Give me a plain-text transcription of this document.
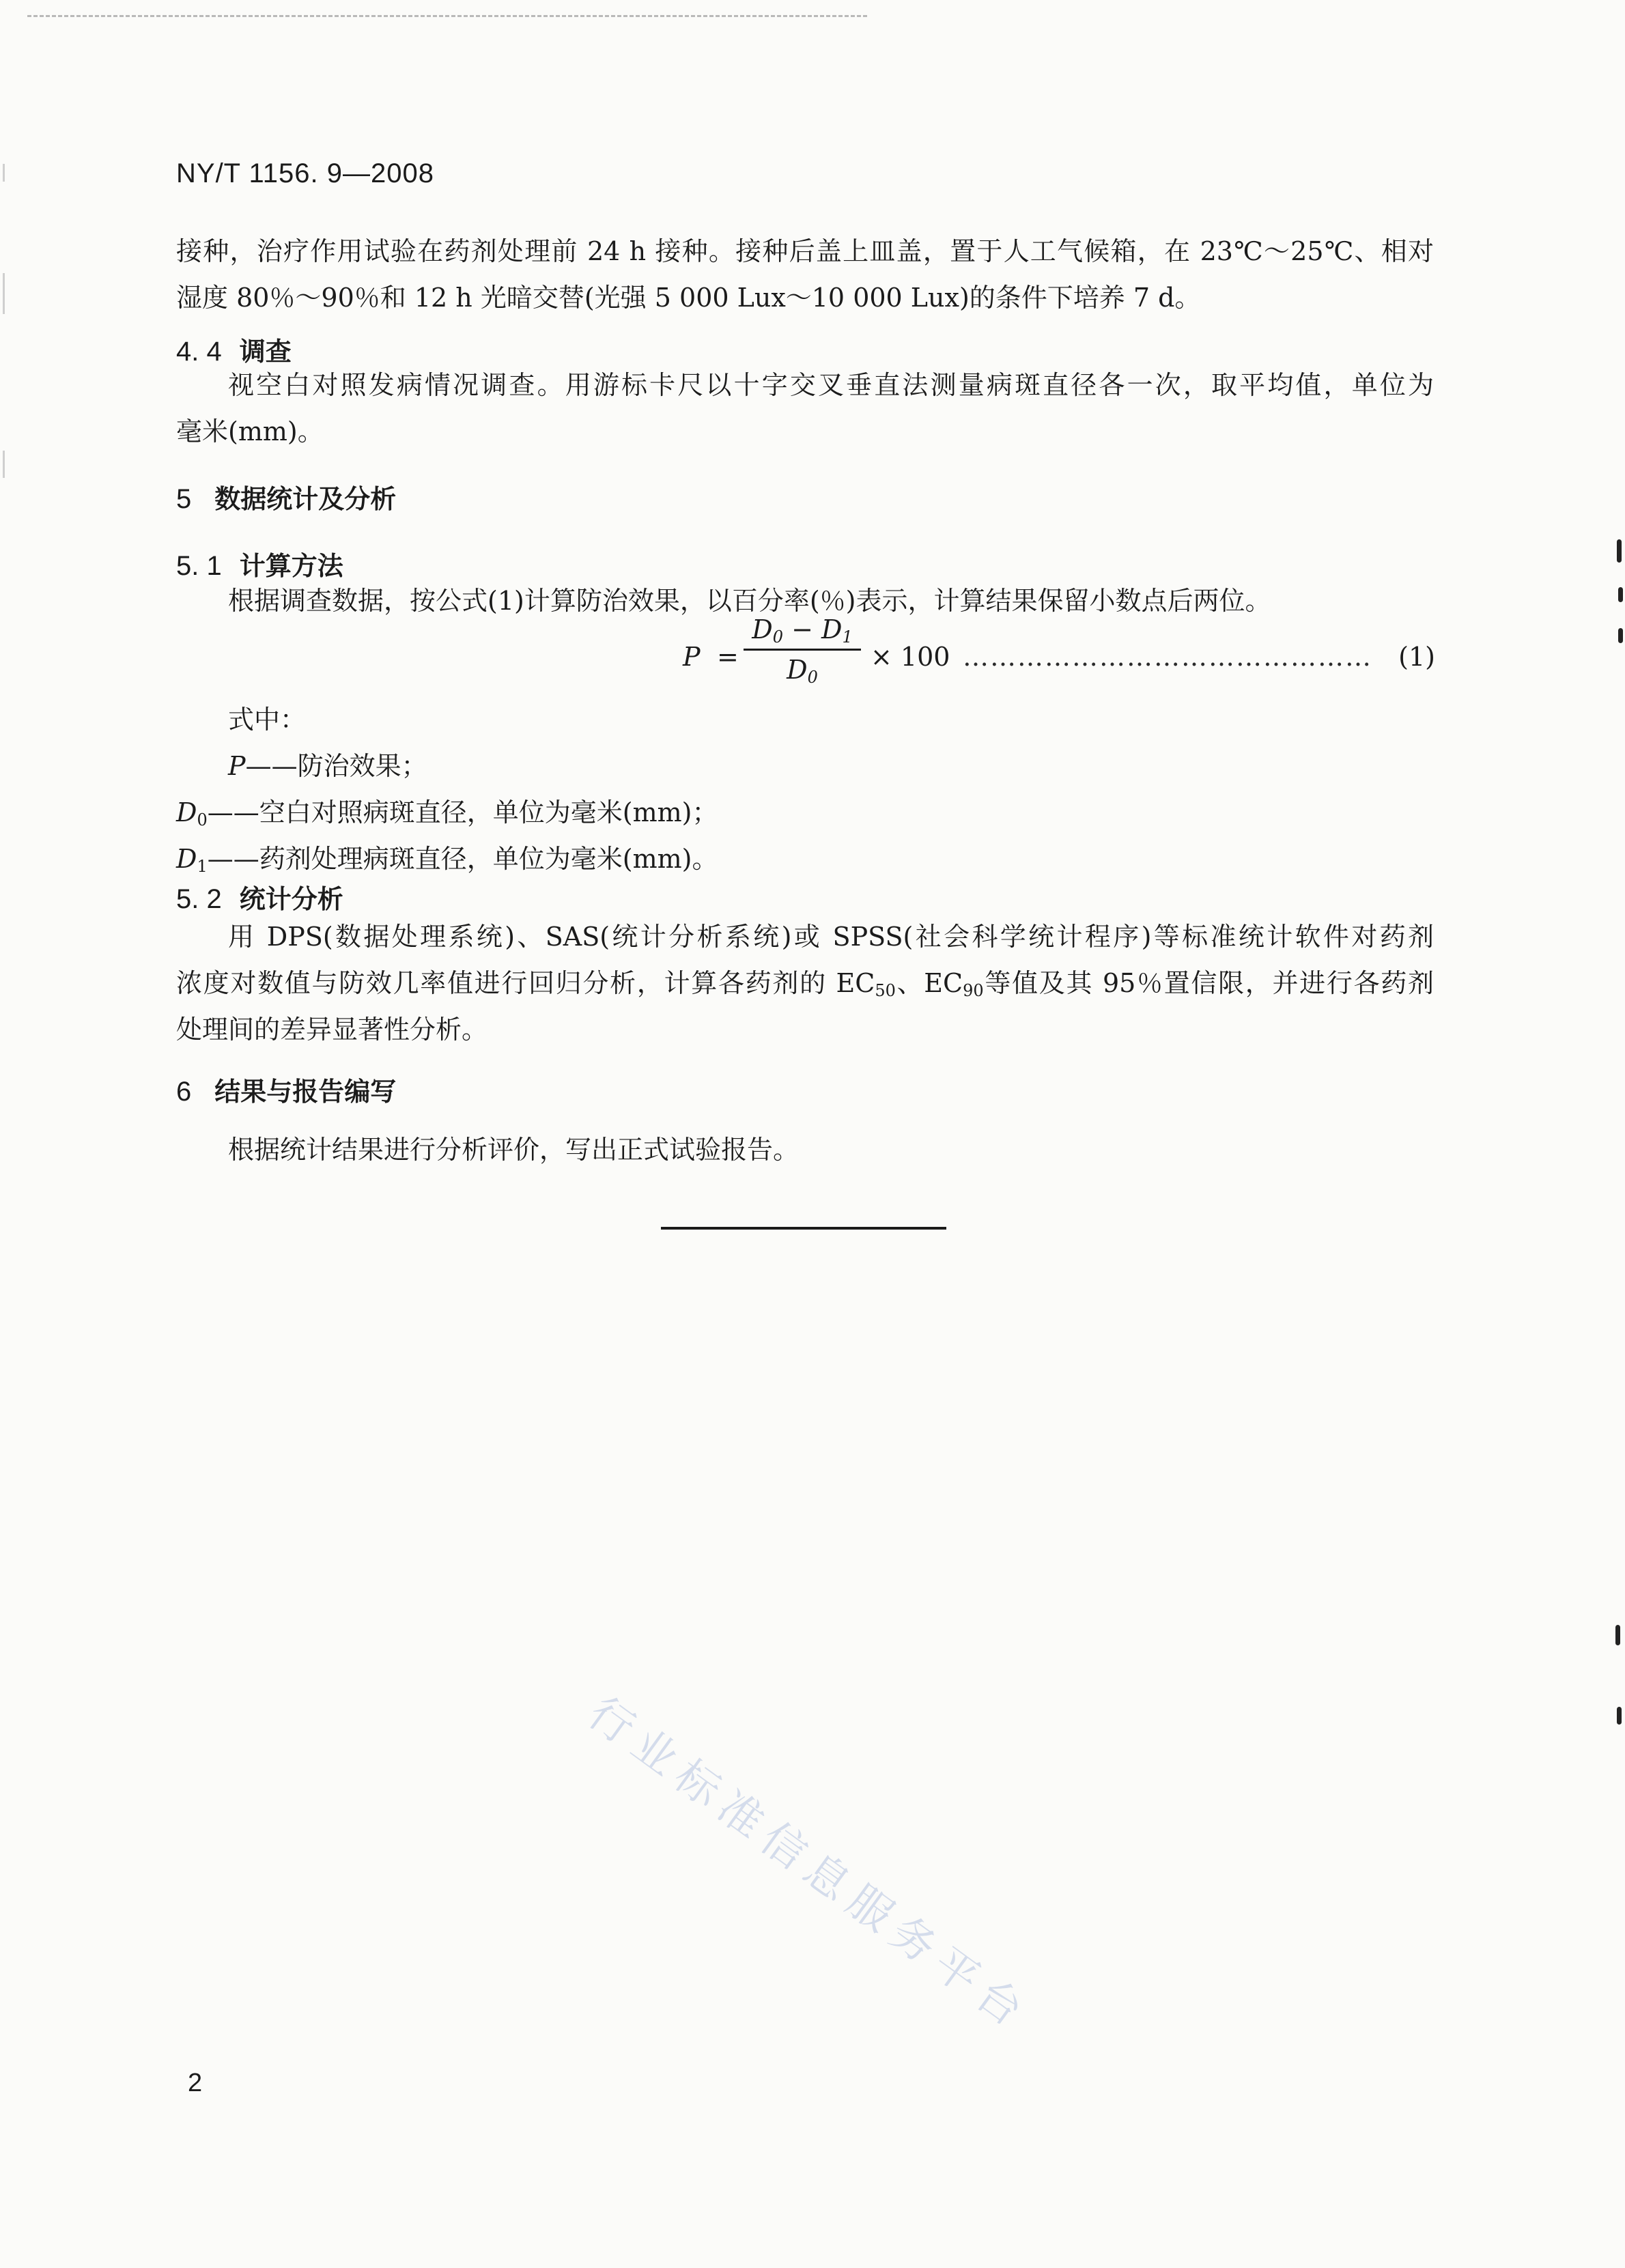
NY/T 1156. 9—2008

接种，治疗作用试验在药剂处理前 24 h 接种。接种后盖上皿盖，置于人工气候箱，在 23℃～25℃、相对

湿度 80％～90％和 12 h 光暗交替(光强 5 000 Lux～10 000 Lux)的条件下培养 7 d。

4. 4 调查

视空白对照发病情况调查。用游标卡尺以十字交叉垂直法测量病斑直径各一次，取平均值，单位为

毫米(mm)。

5 数据统计及分析
5. 1 计算方法

根据调查数据，按公式(1)计算防治效果，以百分率(％)表示，计算结果保留小数点后两位。

P =
$D_0 - D_1$
$D_0$
× 100 ……………………………………… (1)

式中：

P——防治效果；

$D_0——$空白对照病斑直径，单位为毫米(mm)；

$D_1——$药剂处理病斑直径，单位为毫米(mm)。

5. 2 统计分析

用 DPS(数据处理系统)、SAS(统计分析系统)或 SPSS(社会科学统计程序)等标准统计软件对药剂

浓度对数值与防效几率值进行回归分析，计算各药剂的 $EC_{50}$、$EC_{90}$等值及其 95％置信限，并进行各药剂

处理间的差异显著性分析。

6 结果与报告编写

根据统计结果进行分析评价，写出正式试验报告。

行业标准信息服务平台
2
